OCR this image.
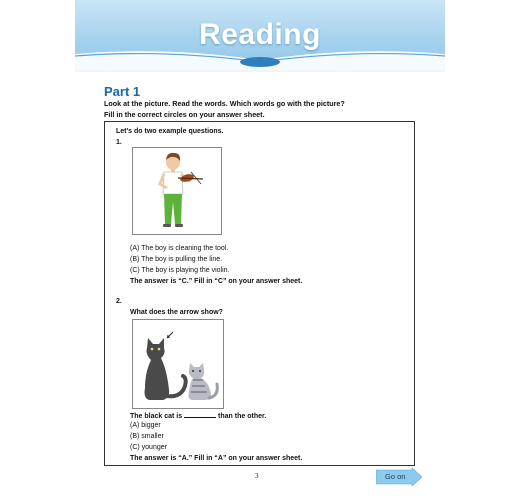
Reading
Part 1
Look at the picture. Read the words. Which words go with the picture?
Fill in the correct circles on your answer sheet.
Let's do two example questions.
1.
(A) The boy is cleaning the tool.
(B) The boy is pulling the line.
(C) The boy is playing the violin.
The answer is “C.” Fill in “C” on your answer sheet.
2.
What does the arrow show?
The black cat is	than the other.
(A) bigger
(B) smaller
(C) younger
The answer is “A.” Fill in “A” on your answer sheet.
3	Go on
